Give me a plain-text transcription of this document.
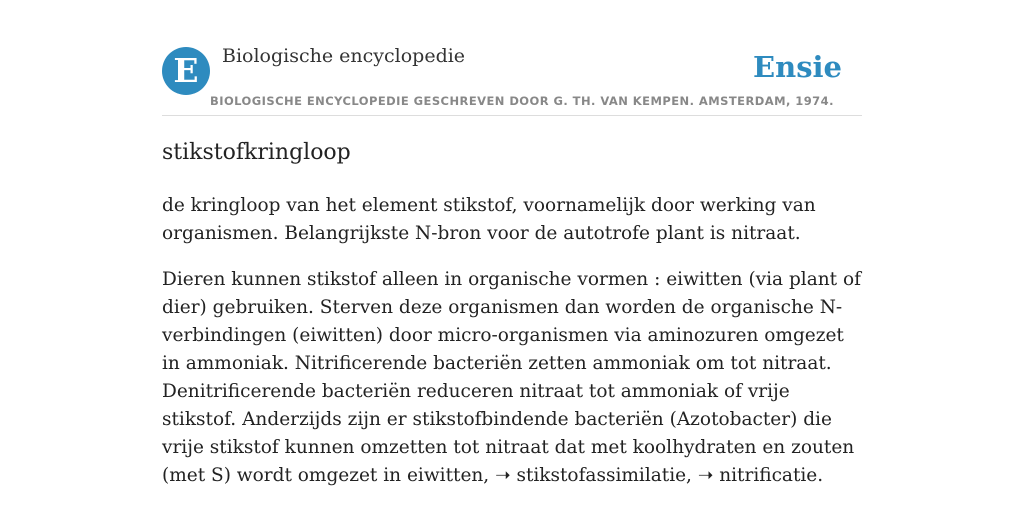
E	Biologische encyclopedie	Ensie
BIOLOGISCHE ENCYCLOPEDIE GESCHREVEN DOOR G. TH. VAN KEMPEN. AMSTERDAM, 1974.
stikstofkringloop

de kringloop van het element stikstof, voornamelijk door werking van organismen. Belangrijkste N-bron voor de autotrofe plant is nitraat.

Dieren kunnen stikstof alleen in organische vormen : eiwitten (via plant of dier) gebruiken. Sterven deze organismen dan worden de organische N-verbindingen (eiwitten) door micro-organismen via aminozuren omgezet in ammoniak. Nitrificerende bacteriën zetten ammoniak om tot nitraat. Denitrificerende bacteriën reduceren nitraat tot ammoniak of vrije stikstof. Anderzijds zijn er stikstofbindende bacteriën (Azotobacter) die vrije stikstof kunnen omzetten tot nitraat dat met koolhydraten en zouten (met S) wordt omgezet in eiwitten, ➝ stikstofassimilatie, ➝ nitrificatie.
